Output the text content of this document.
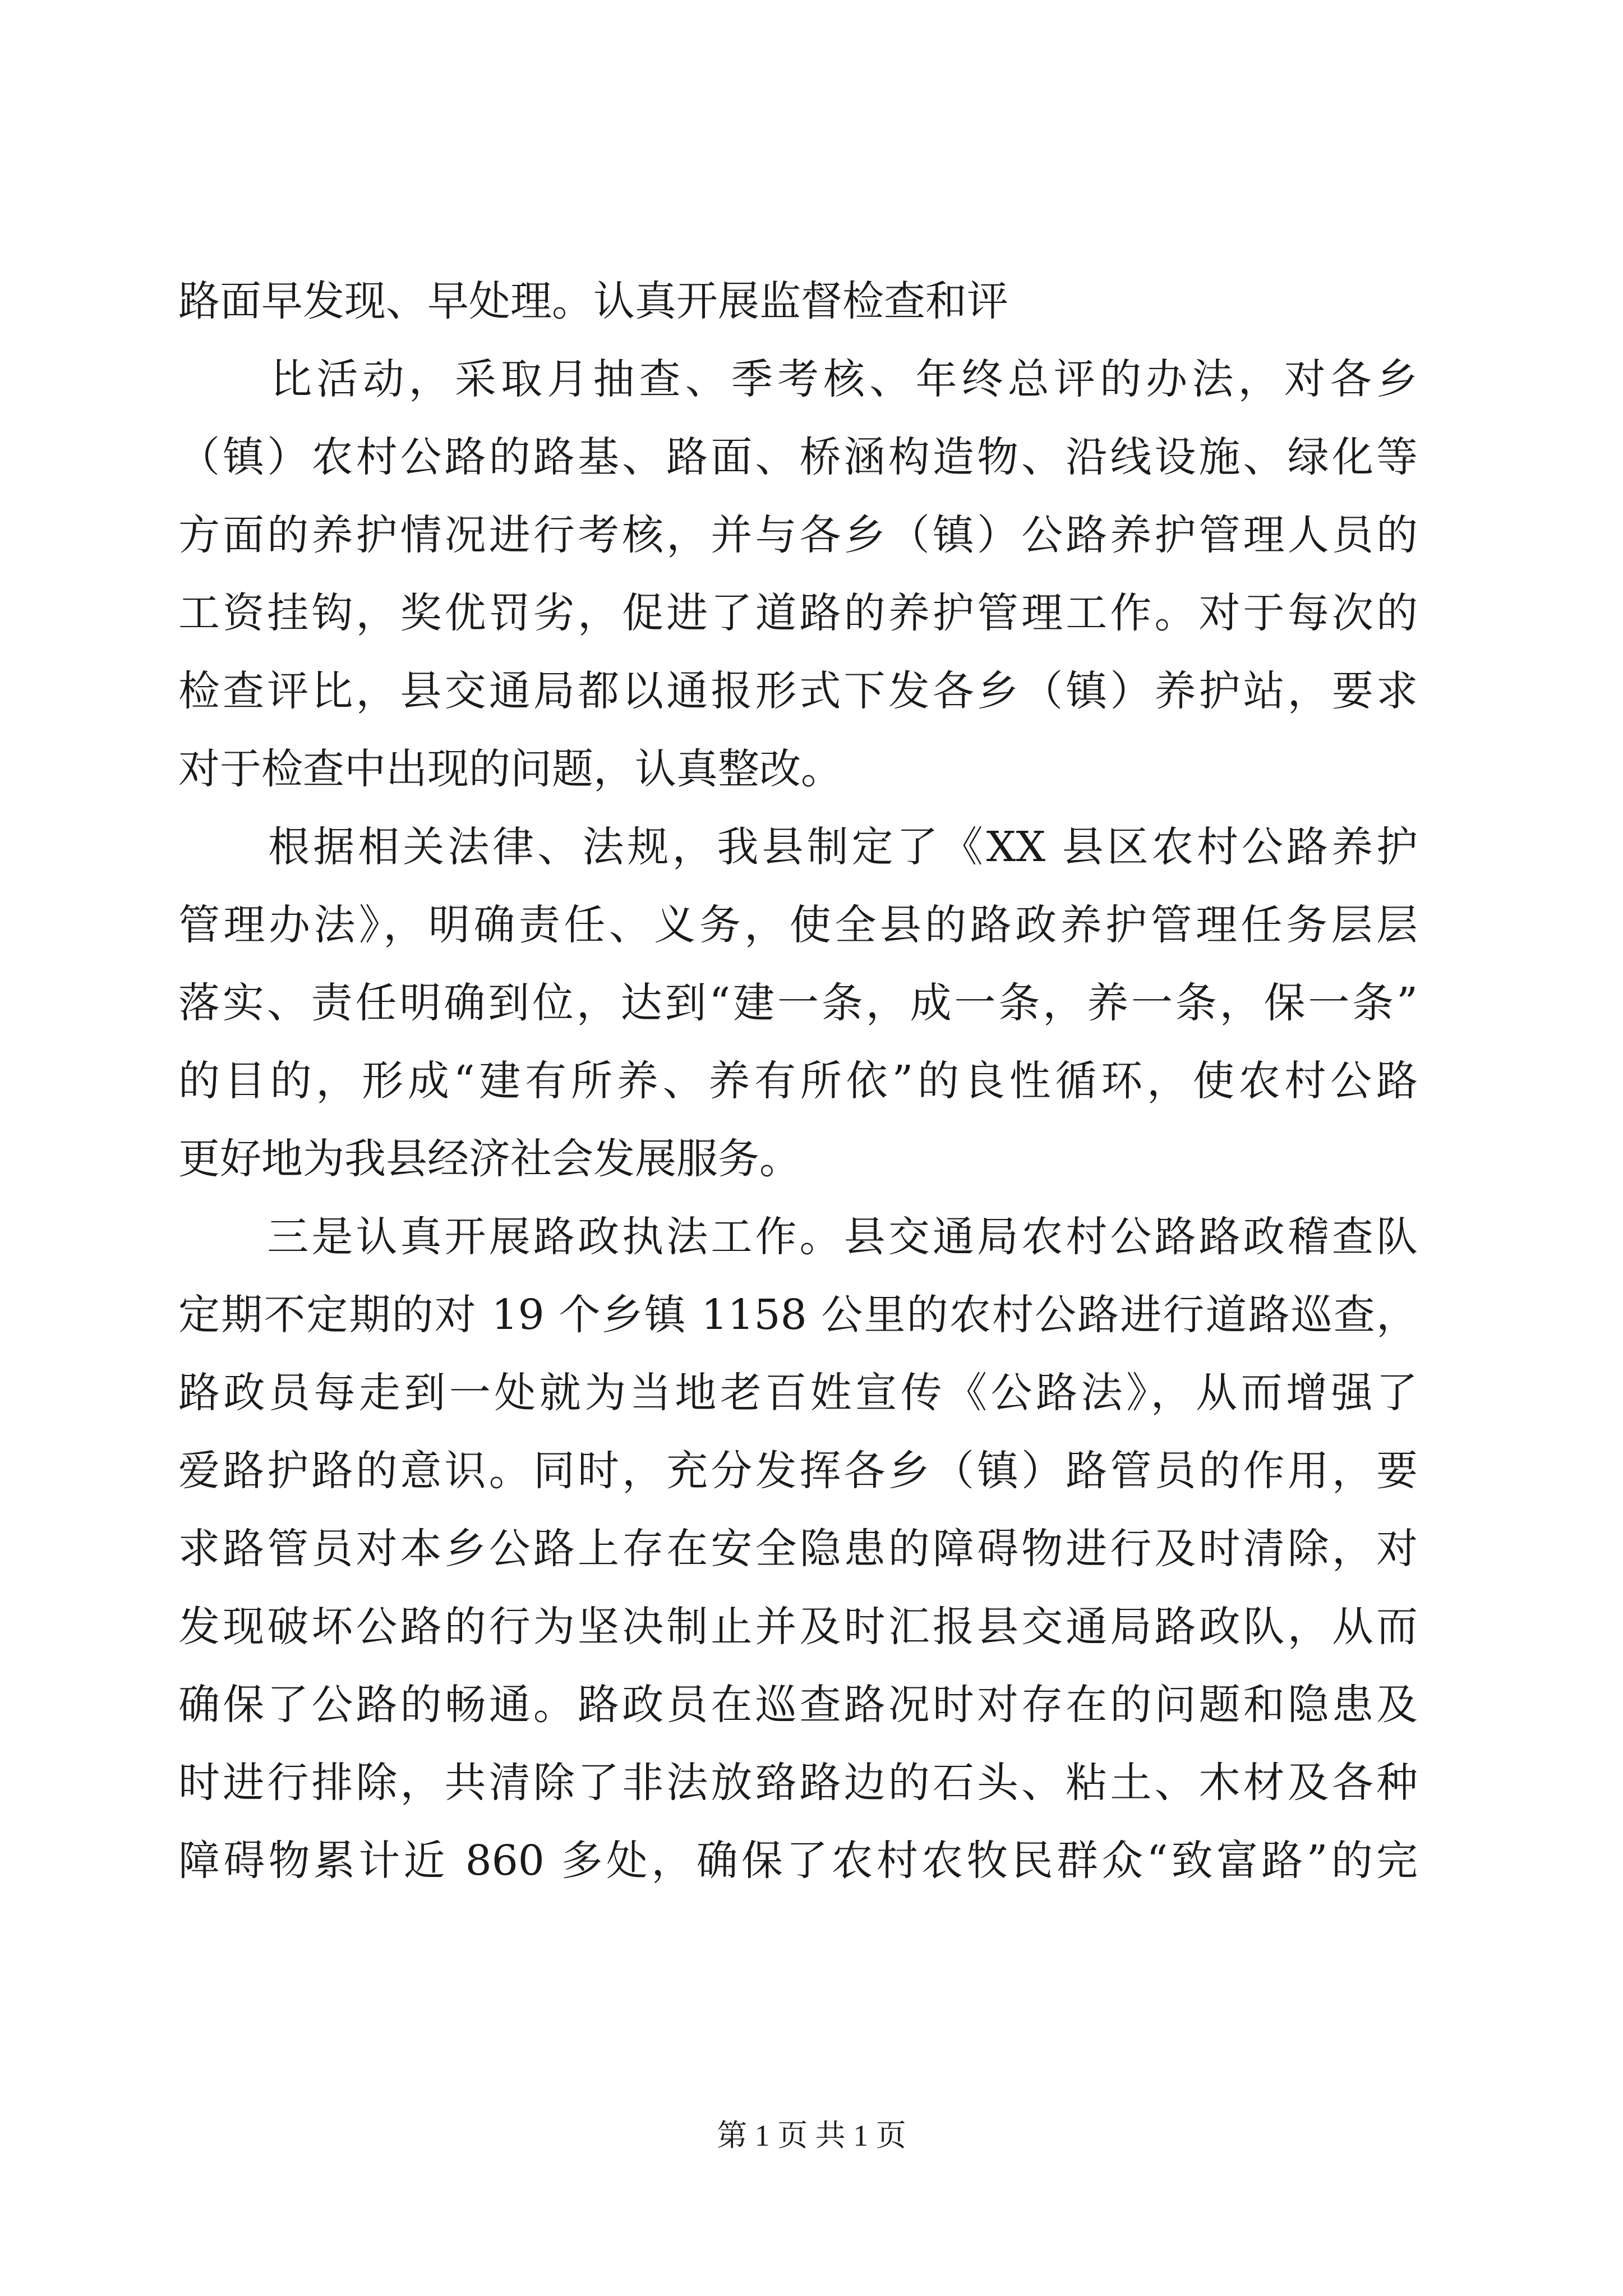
路面早发现、早处理。认真开展监督检查和评
　　比活动，采取月抽查、季考核、年终总评的办法，对各乡
（镇）农村公路的路基、路面、桥涵构造物、沿线设施、绿化等
方面的养护情况进行考核，并与各乡（镇）公路养护管理人员的
工资挂钩，奖优罚劣，促进了道路的养护管理工作。对于每次的
检查评比，县交通局都以通报形式下发各乡（镇）养护站，要求
对于检查中出现的问题，认真整改。
　　根据相关法律、法规，我县制定了《XX 县区农村公路养护
管理办法》，明确责任、义务，使全县的路政养护管理任务层层
落实、责任明确到位，达到“建一条，成一条，养一条，保一条”
的目的，形成“建有所养、养有所依”的良性循环，使农村公路
更好地为我县经济社会发展服务。
　　三是认真开展路政执法工作。县交通局农村公路路政稽查队
定期不定期的对 19 个乡镇 1158 公里的农村公路进行道路巡查，
路政员每走到一处就为当地老百姓宣传《公路法》，从而增强了
爱路护路的意识。同时，充分发挥各乡（镇）路管员的作用，要
求路管员对本乡公路上存在安全隐患的障碍物进行及时清除，对
发现破坏公路的行为坚决制止并及时汇报县交通局路政队，从而
确保了公路的畅通。路政员在巡查路况时对存在的问题和隐患及
时进行排除，共清除了非法放臵路边的石头、粘土、木材及各种
障碍物累计近 860 多处，确保了农村农牧民群众“致富路”的完
第 1 页 共 1 页
